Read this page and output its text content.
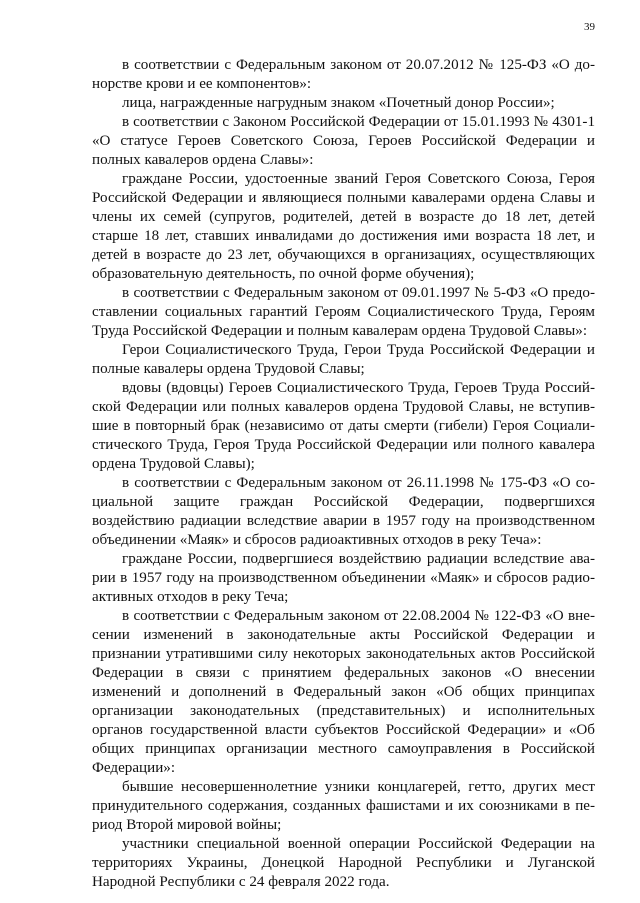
39

в соответствии с Федеральным законом от 20.07.2012 № 125-ФЗ «О донорстве крови и ее компонентов»:

лица, награжденные нагрудным знаком «Почетный донор России»;

в соответствии с Законом Российской Федерации от 15.01.1993 № 4301-1 «О статусе Героев Советского Союза, Героев Российской Федерации и полных кавалеров ордена Славы»:

граждане России, удостоенные званий Героя Советского Союза, Героя Российской Федерации и являющиеся полными кавалерами ордена Славы и члены их семей (супругов, родителей, детей в возрасте до 18 лет, детей старше 18 лет, ставших инвалидами до достижения ими возраста 18 лет, и детей в возрасте до 23 лет, обучающихся в организациях, осуществляющих образовательную деятельность, по очной форме обучения);

в соответствии с Федеральным законом от 09.01.1997 № 5-ФЗ «О предоставлении социальных гарантий Героям Социалистического Труда, Героям Труда Российской Федерации и полным кавалерам ордена Трудовой Славы»:

Герои Социалистического Труда, Герои Труда Российской Федерации и полные кавалеры ордена Трудовой Славы;

вдовы (вдовцы) Героев Социалистического Труда, Героев Труда Российской Федерации или полных кавалеров ордена Трудовой Славы, не вступившие в повторный брак (независимо от даты смерти (гибели) Героя Социалистического Труда, Героя Труда Российской Федерации или полного кавалера ордена Трудовой Славы);

в соответствии с Федеральным законом от 26.11.1998 № 175-ФЗ «О социальной защите граждан Российской Федерации, подвергшихся воздействию радиации вследствие аварии в 1957 году на производственном объединении «Маяк» и сбросов радиоактивных отходов в реку Теча»:

граждане России, подвергшиеся воздействию радиации вследствие аварии в 1957 году на производственном объединении «Маяк» и сбросов радиоактивных отходов в реку Теча;

в соответствии с Федеральным законом от 22.08.2004 № 122-ФЗ «О внесении изменений в законодательные акты Российской Федерации и признании утратившими силу некоторых законодательных актов Российской Федерации в связи с принятием федеральных законов «О внесении изменений и дополнений в Федеральный закон «Об общих принципах организации законодательных (представительных) и исполнительных органов государственной власти субъектов Российской Федерации» и «Об общих принципах организации местного самоуправления в Российской Федерации»:

бывшие несовершеннолетние узники концлагерей, гетто, других мест принудительного содержания, созданных фашистами и их союзниками в период Второй мировой войны;

участники специальной военной операции Российской Федерации на территориях Украины, Донецкой Народной Республики и Луганской Народной Республики с 24 февраля 2022 года.
